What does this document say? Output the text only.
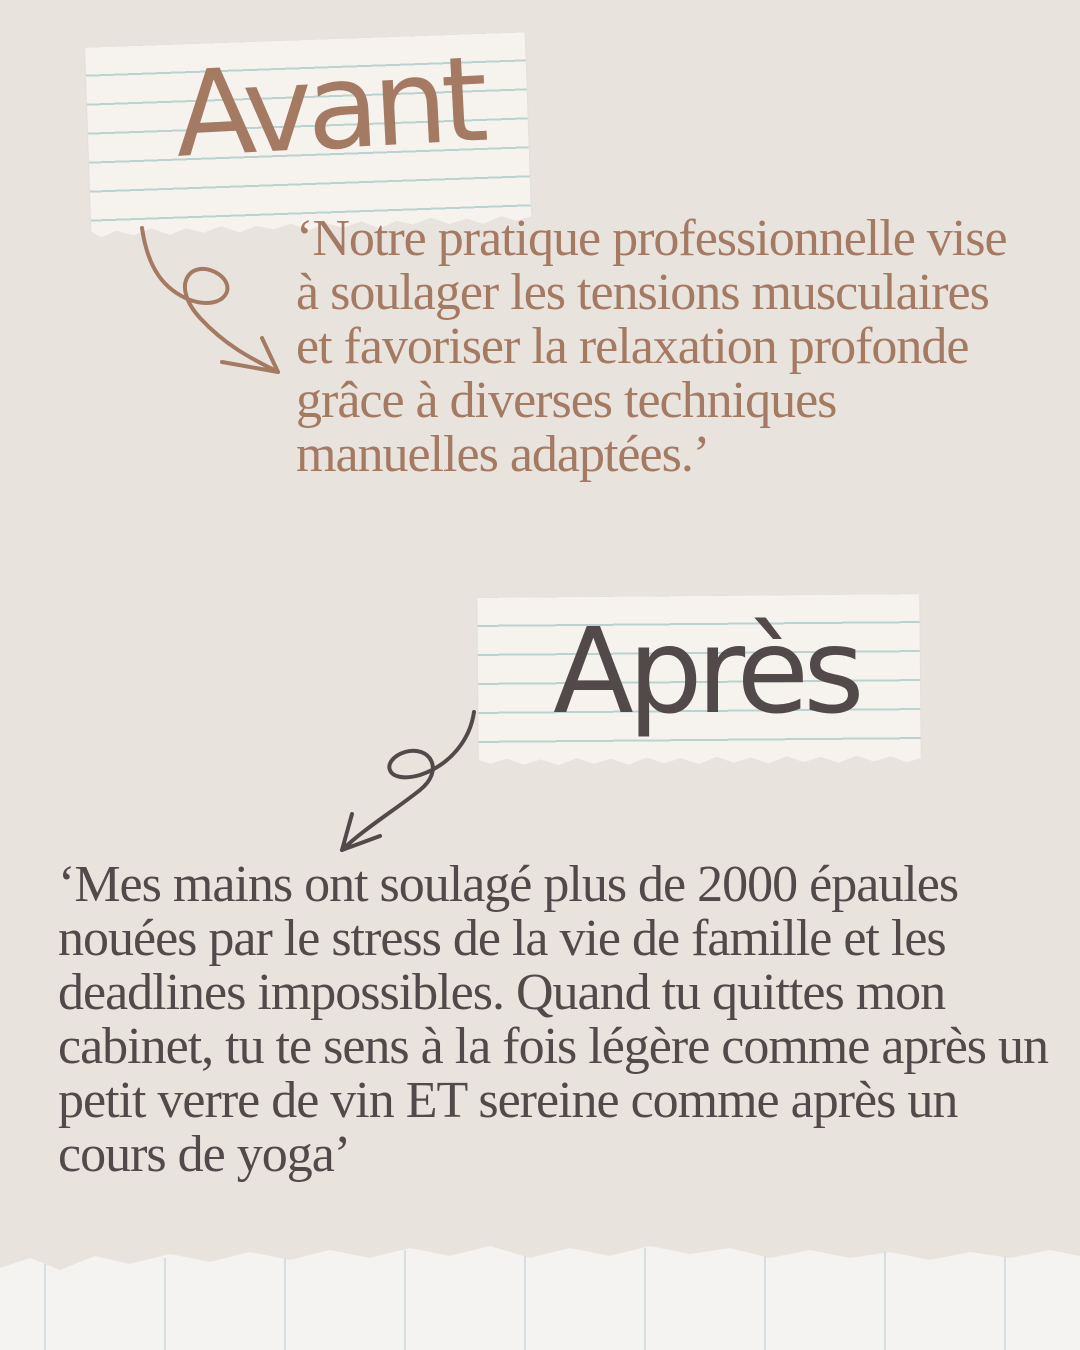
Avant

‘Notre pratique professionnelle vise à soulager les tensions musculaires et favoriser la relaxation profonde grâce à diverses techniques manuelles adaptées.’

Après

‘Mes mains ont soulagé plus de 2000 épaules nouées par le stress de la vie de famille et les deadlines impossibles. Quand tu quittes mon cabinet, tu te sens à la fois légère comme après un petit verre de vin ET sereine comme après un cours de yoga’
